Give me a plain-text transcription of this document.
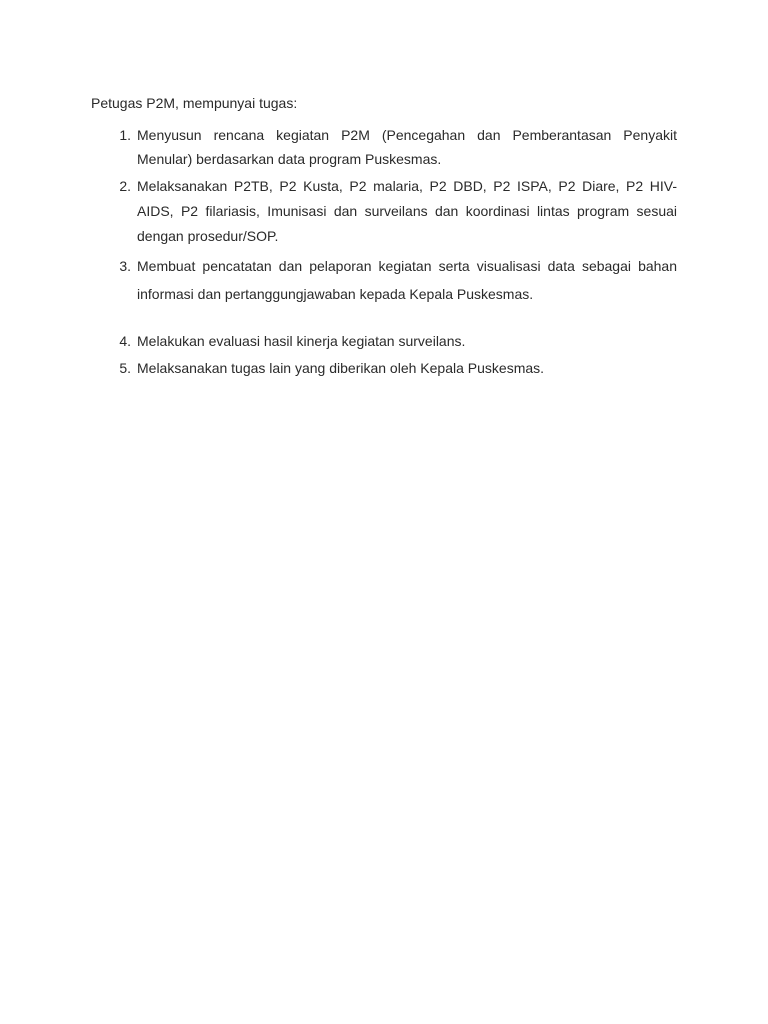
Petugas P2M, mempunyai tugas:

1. Menyusun rencana kegiatan P2M (Pencegahan dan Pemberantasan Penyakit Menular) berdasarkan data program Puskesmas.

2. Melaksanakan P2TB, P2 Kusta, P2 malaria, P2 DBD, P2 ISPA, P2 Diare, P2 HIV-AIDS, P2 filariasis, Imunisasi dan surveilans dan koordinasi lintas program sesuai dengan prosedur/SOP.

3. Membuat pencatatan dan pelaporan kegiatan serta visualisasi data sebagai bahan informasi dan pertanggungjawaban kepada Kepala Puskesmas.

4. Melakukan evaluasi hasil kinerja kegiatan surveilans.

5. Melaksanakan tugas lain yang diberikan oleh Kepala Puskesmas.
